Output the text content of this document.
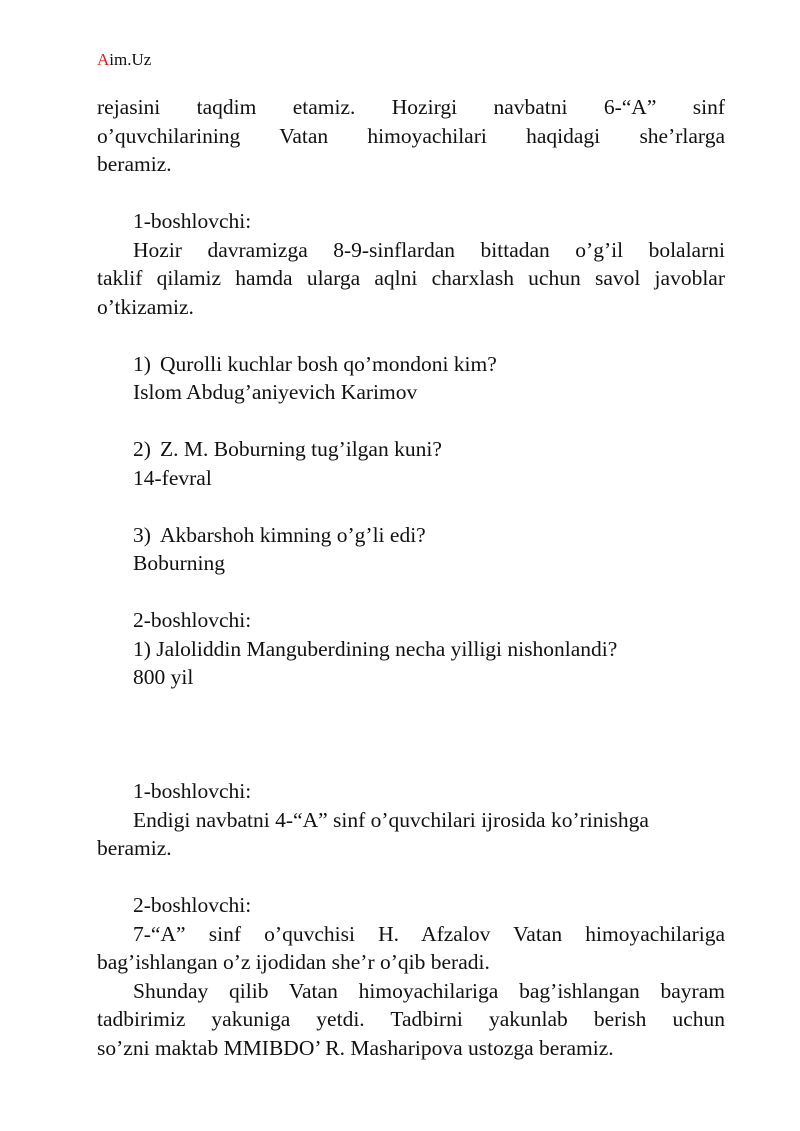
Aim.Uz

rejasini taqdim etamiz. Hozirgi navbatni 6-“A” sinf

o’quvchilarining Vatan himoyachilari haqidagi she’rlarga

beramiz.

1-boshlovchi:

Hozir davramizga 8-9-sinflardan bittadan o’g’il bolalarni

taklif qilamiz hamda ularga aqlni charxlash uchun savol javoblar

o’tkizamiz.

1) Qurolli kuchlar bosh qo’mondoni kim?

Islom Abdug’aniyevich Karimov

2) Z. M. Boburning tug’ilgan kuni?

14-fevral

3) Akbarshoh kimning o’g’li edi?

Boburning

2-boshlovchi:

1) Jaloliddin Manguberdining necha yilligi nishonlandi?

800 yil

1-boshlovchi:

Endigi navbatni 4-“A” sinf o’quvchilari ijrosida ko’rinishga

beramiz.

2-boshlovchi:

7-“A” sinf o’quvchisi H. Afzalov Vatan himoyachilariga

bag’ishlangan o’z ijodidan she’r o’qib beradi.

Shunday qilib Vatan himoyachilariga bag’ishlangan bayram

tadbirimiz yakuniga yetdi. Tadbirni yakunlab berish uchun

so’zni maktab MMIBDO’ R. Masharipova ustozga beramiz.
